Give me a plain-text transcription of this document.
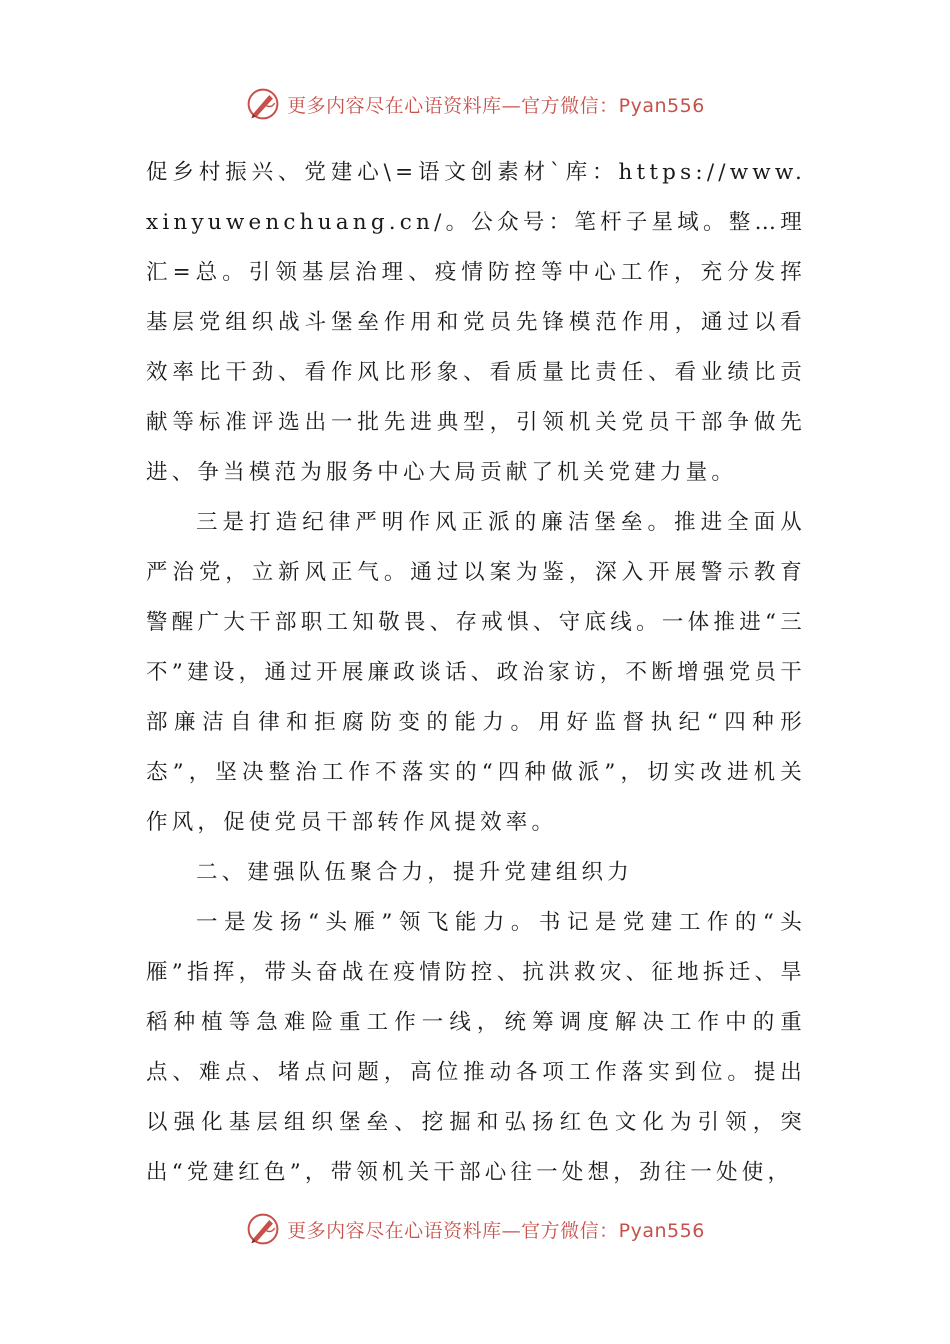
更多内容尽在心语资料库—官方微信：Pyan556

促乡村振兴、党建心\=语文创素材`库：https://www.xinyuwenchuang.cn/。公众号：笔杆子星域。整…理汇=总。引领基层治理、疫情防控等中心工作，充分发挥基层党组织战斗堡垒作用和党员先锋模范作用，通过以看效率比干劲、看作风比形象、看质量比责任、看业绩比贡献等标准评选出一批先进典型，引领机关党员干部争做先进、争当模范为服务中心大局贡献了机关党建力量。

三是打造纪律严明作风正派的廉洁堡垒。推进全面从严治党，立新风正气。通过以案为鉴，深入开展警示教育警醒广大干部职工知敬畏、存戒惧、守底线。一体推进“三不”建设，通过开展廉政谈话、政治家访，不断增强党员干部廉洁自律和拒腐防变的能力。用好监督执纪“四种形态”，坚决整治工作不落实的“四种做派”，切实改进机关作风，促使党员干部转作风提效率。

二、建强队伍聚合力，提升党建组织力

一是发扬“头雁”领飞能力。书记是党建工作的“头雁”指挥，带头奋战在疫情防控、抗洪救灾、征地拆迁、旱稻种植等急难险重工作一线，统筹调度解决工作中的重点、难点、堵点问题，高位推动各项工作落实到位。提出以强化基层组织堡垒、挖掘和弘扬红色文化为引领，突出“党建红色”，带领机关干部心往一处想，劲往一处使，

更多内容尽在心语资料库—官方微信：Pyan556
